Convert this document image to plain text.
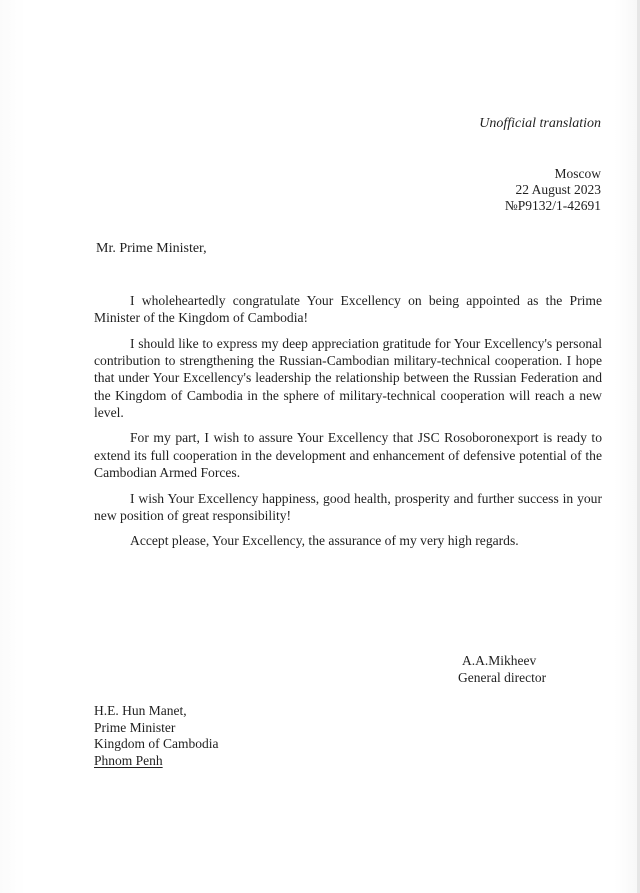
Unofficial translation
Moscow
22 August 2023
№P9132/1-42691
Mr. Prime Minister,

I wholeheartedly congratulate Your Excellency on being appointed as the Prime Minister of the Kingdom of Cambodia!

I should like to express my deep appreciation gratitude for Your Excellency's personal contribution to strengthening the Russian-Cambodian military-technical cooperation. I hope that under Your Excellency's leadership the relationship between the Russian Federation and the Kingdom of Cambodia in the sphere of military-technical cooperation will reach a new level.

For my part, I wish to assure Your Excellency that JSC Rosoboronexport is ready to extend its full cooperation in the development and enhancement of defensive potential of the Cambodian Armed Forces.

I wish Your Excellency happiness, good health, prosperity and further success in your new position of great responsibility!

Accept please, Your Excellency, the assurance of my very high regards.

A.A.Mikheev
General director
H.E. Hun Manet,
Prime Minister
Kingdom of Cambodia
Phnom Penh
